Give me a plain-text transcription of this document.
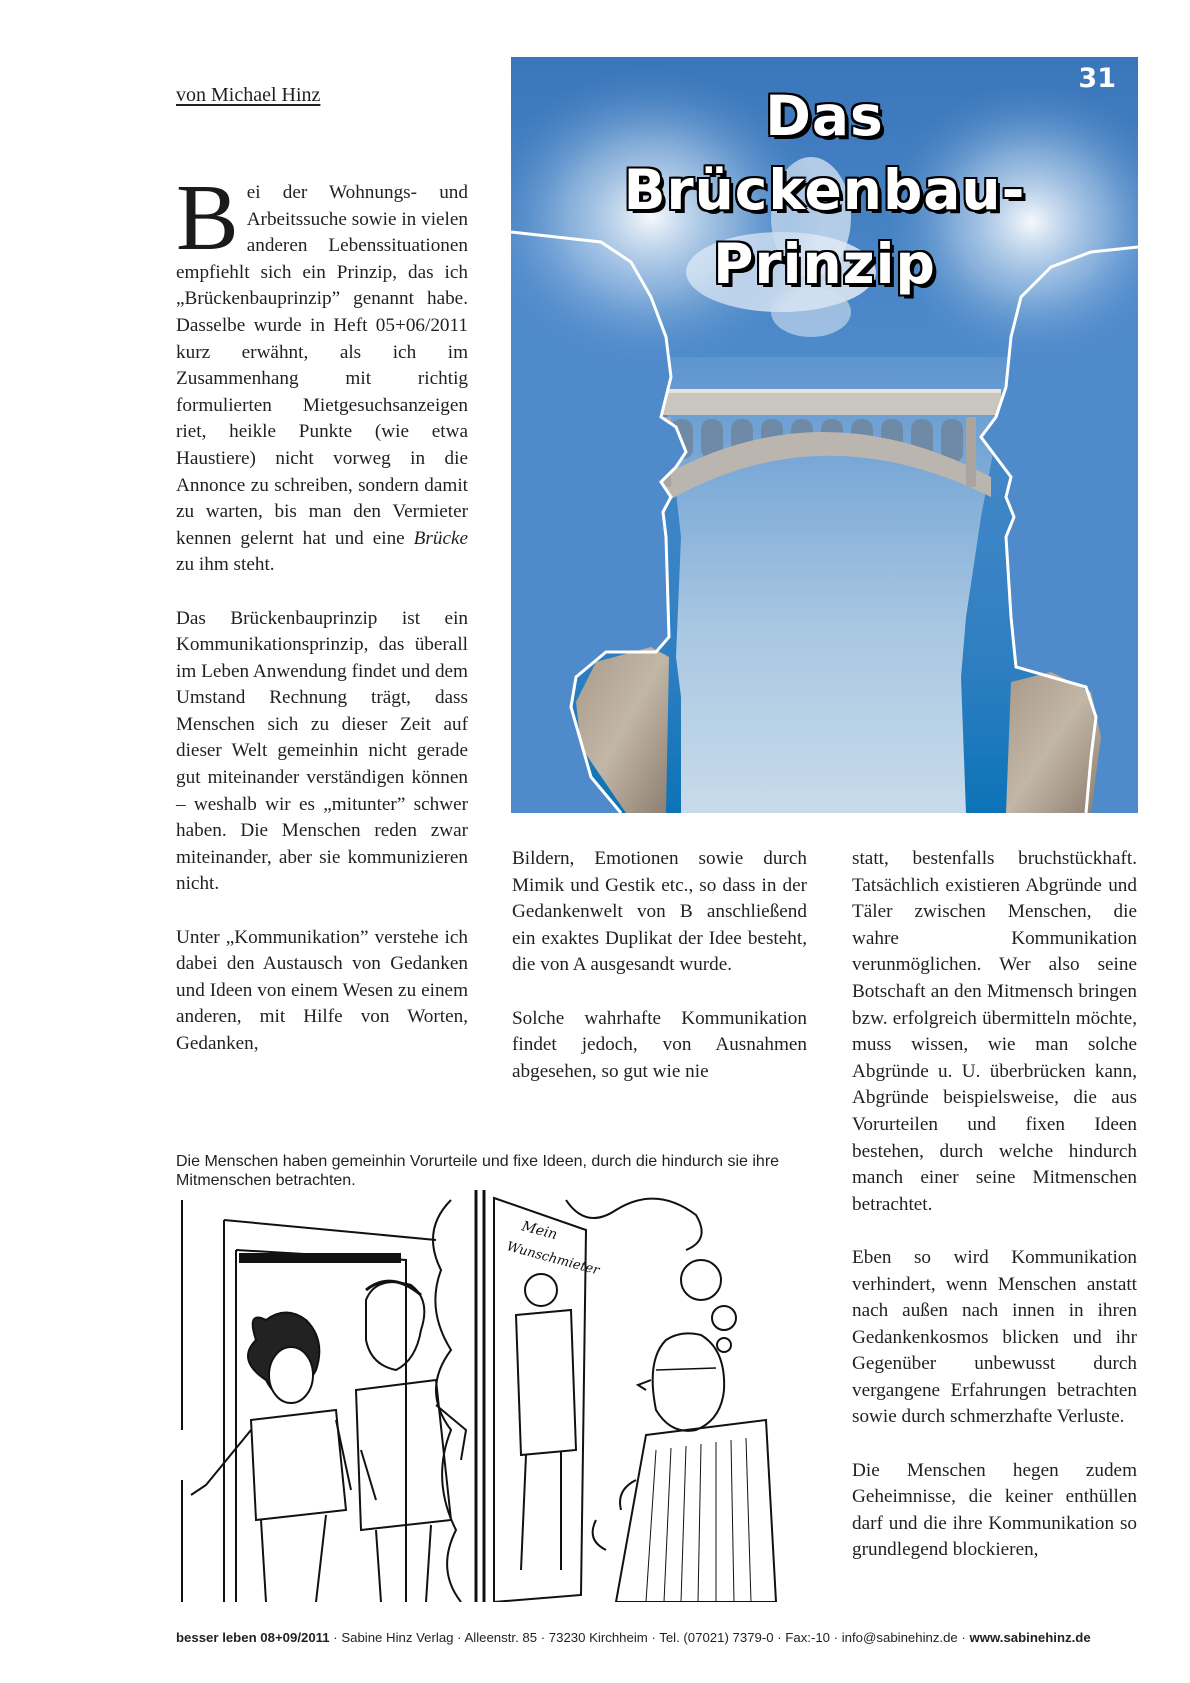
von Michael Hinz

Bei der Wohnungs- und Arbeitssuche sowie in vielen anderen Lebenssituationen empfiehlt sich ein Prinzip, das ich „Brückenbauprinzip” genannt habe. Dasselbe wurde in Heft 05+06/2011 kurz erwähnt, als ich im Zusammenhang mit richtig formulierten Mietgesuchsanzeigen riet, heikle Punkte (wie etwa Haustiere) nicht vorweg in die Annonce zu schreiben, sondern damit zu warten, bis man den Vermieter kennen gelernt hat und eine Brücke zu ihm steht.

Das Brückenbauprinzip ist ein Kommunikationsprinzip, das überall im Leben Anwendung findet und dem Umstand Rechnung trägt, dass Menschen sich zu dieser Zeit auf dieser Welt gemeinhin nicht gerade gut miteinander verständigen können – weshalb wir es „mitunter” schwer haben. Die Menschen reden zwar miteinander, aber sie kommunizieren nicht.

Unter „Kommunikation” verstehe ich dabei den Austausch von Gedanken und Ideen von einem Wesen zu einem anderen, mit Hilfe von Worten, Gedanken,

31
Das
Brückenbau-
Prinzip

Bildern, Emotionen sowie durch Mimik und Gestik etc., so dass in der Gedankenwelt von B anschließend ein exaktes Duplikat der Idee besteht, die von A ausgesandt wurde.

Solche wahrhafte Kommunikation findet jedoch, von Ausnahmen abgesehen, so gut wie nie

statt, bestenfalls bruchstückhaft. Tatsächlich existieren Abgründe und Täler zwischen Menschen, die wahre Kommunikation verunmöglichen. Wer also seine Botschaft an den Mitmensch bringen bzw. erfolgreich übermitteln möchte, muss wissen, wie man solche Abgründe u. U. überbrücken kann, Abgründe beispielsweise, die aus Vorurteilen und fixen Ideen bestehen, durch welche hindurch manch einer seine Mitmenschen betrachtet.

Eben so wird Kommunikation verhindert, wenn Menschen anstatt nach außen nach innen in ihren Gedankenkosmos blicken und ihr Gegenüber unbewusst durch vergangene Erfahrungen betrachten sowie durch schmerzhafte Verluste.

Die Menschen hegen zudem Geheimnisse, die keiner enthüllen darf und die ihre Kommunikation so grundlegend blockieren,

Die Menschen haben gemeinhin Vorurteile und fixe Ideen, durch die hindurch sie ihre Mitmenschen betrachten.
Mein
Wunschmieter
besser leben 08+09/2011 · Sabine Hinz Verlag · Alleenstr. 85 · 73230 Kirchheim · Tel. (07021) 7379-0 · Fax:-10 · info@sabinehinz.de · www.sabinehinz.de
